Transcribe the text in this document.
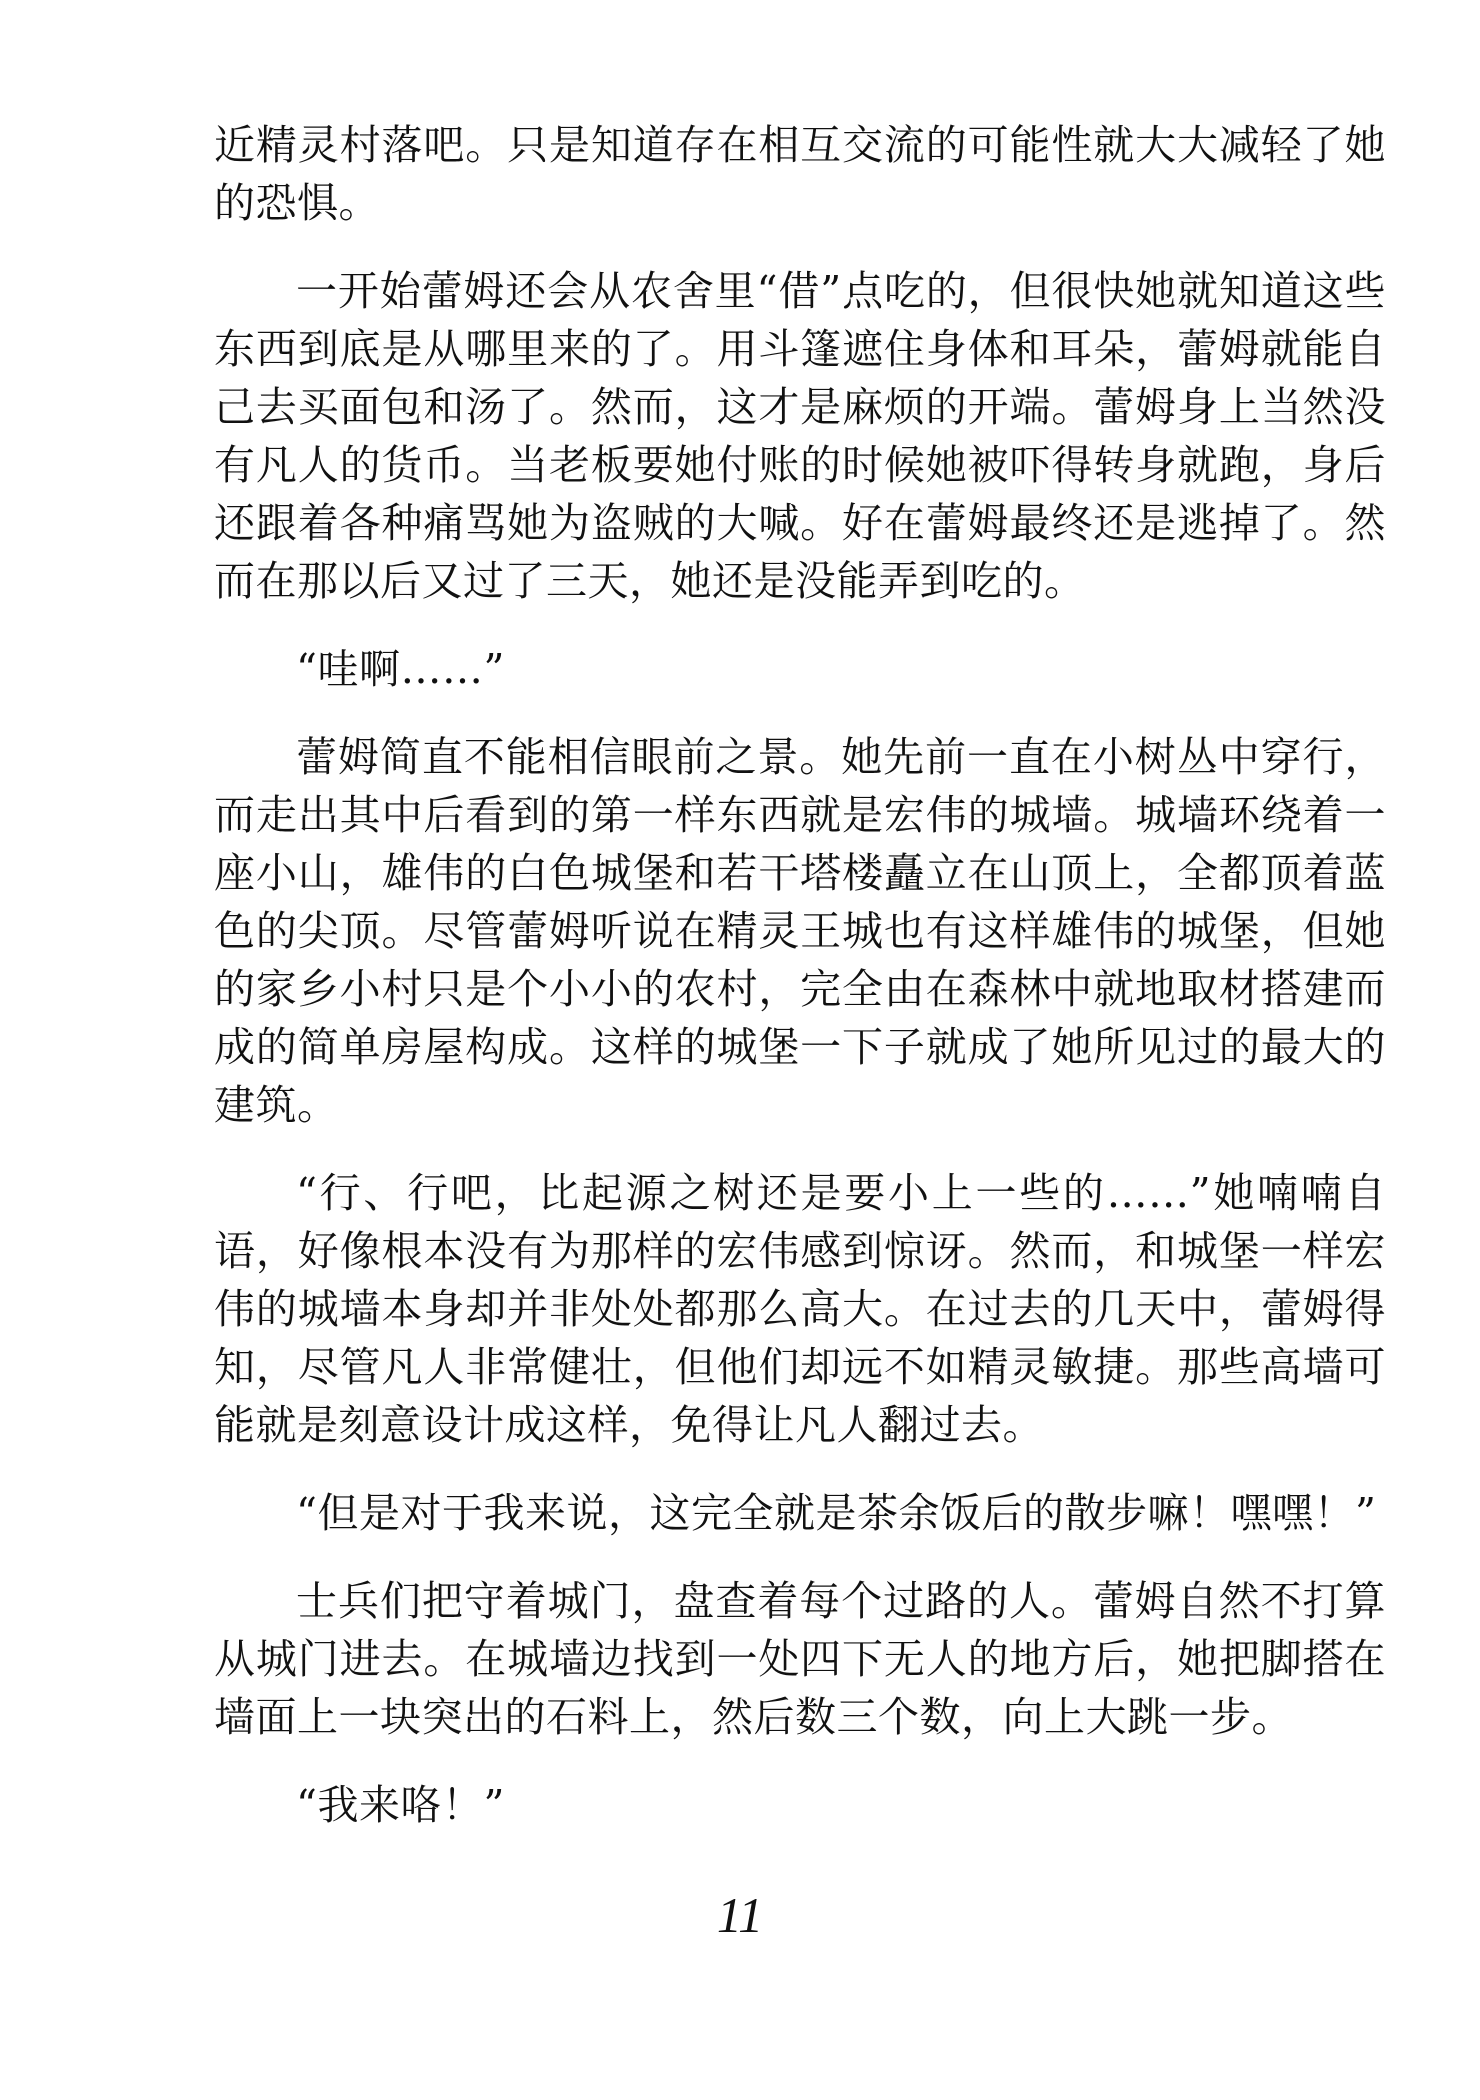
近精灵村落吧。只是知道存在相互交流的可能性就大大减轻了她的恐惧。

一开始蕾姆还会从农舍里“借”点吃的，但很快她就知道这些东西到底是从哪里来的了。用斗篷遮住身体和耳朵，蕾姆就能自己去买面包和汤了。然而，这才是麻烦的开端。蕾姆身上当然没有凡人的货币。当老板要她付账的时候她被吓得转身就跑，身后还跟着各种痛骂她为盗贼的大喊。好在蕾姆最终还是逃掉了。然而在那以后又过了三天，她还是没能弄到吃的。

“哇啊……”

蕾姆简直不能相信眼前之景。她先前一直在小树丛中穿行，而走出其中后看到的第一样东西就是宏伟的城墙。城墙环绕着一座小山，雄伟的白色城堡和若干塔楼矗立在山顶上，全都顶着蓝色的尖顶。尽管蕾姆听说在精灵王城也有这样雄伟的城堡，但她的家乡小村只是个小小的农村，完全由在森林中就地取材搭建而成的简单房屋构成。这样的城堡一下子就成了她所见过的最大的建筑。

“行、行吧，比起源之树还是要小上一些的……”她喃喃自语，好像根本没有为那样的宏伟感到惊讶。然而，和城堡一样宏伟的城墙本身却并非处处都那么高大。在过去的几天中，蕾姆得知，尽管凡人非常健壮，但他们却远不如精灵敏捷。那些高墙可能就是刻意设计成这样，免得让凡人翻过去。

“但是对于我来说，这完全就是茶余饭后的散步嘛！嘿嘿！”

士兵们把守着城门，盘查着每个过路的人。蕾姆自然不打算从城门进去。在城墙边找到一处四下无人的地方后，她把脚搭在墙面上一块突出的石料上，然后数三个数，向上大跳一步。

“我来咯！”

11
